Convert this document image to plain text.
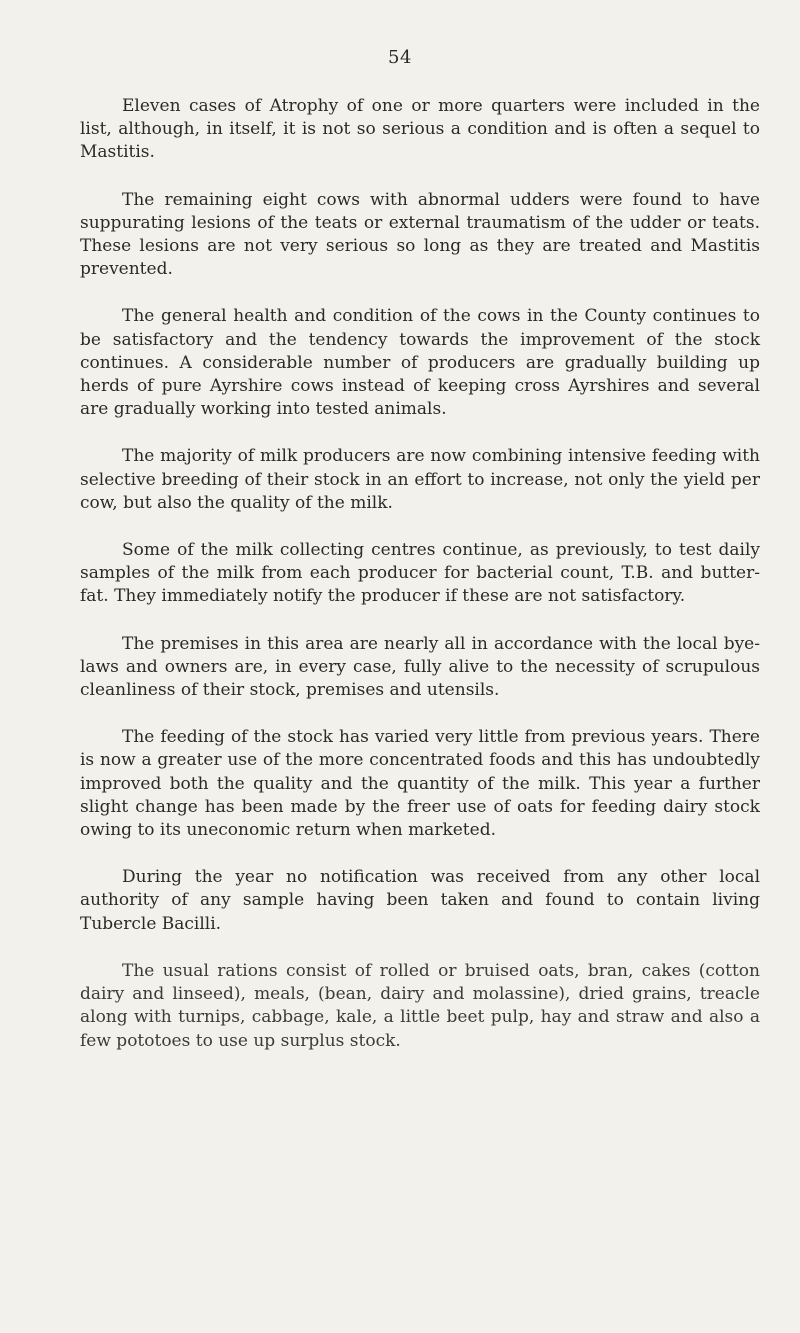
54

Eleven cases of Atrophy of one or more quarters were included in the list, although, in itself, it is not so serious a condition and is often a sequel to Mastitis.

The remaining eight cows with abnormal udders were found to have suppurating lesions of the teats or external traumatism of the udder or teats. These lesions are not very serious so long as they are treated and Mastitis prevented.

The general health and condition of the cows in the County continues to be satisfactory and the tendency towards the improvement of the stock continues. A considerable number of producers are gradually building up herds of pure Ayrshire cows instead of keeping cross Ayrshires and several are gradually working into tested animals.

The majority of milk producers are now combining intensive feeding with selective breeding of their stock in an effort to increase, not only the yield per cow, but also the quality of the milk.

Some of the milk collecting centres continue, as previously, to test daily samples of the milk from each producer for bacterial count, T.B. and butter-fat. They immediately notify the producer if these are not satisfactory.

The premises in this area are nearly all in accordance with the local bye-laws and owners are, in every case, fully alive to the necessity of scrupulous cleanliness of their stock, premises and utensils.

The feeding of the stock has varied very little from previous years. There is now a greater use of the more concentrated foods and this has undoubtedly improved both the quality and the quantity of the milk. This year a further slight change has been made by the freer use of oats for feeding dairy stock owing to its uneconomic return when marketed.

During the year no notification was received from any other local authority of any sample having been taken and found to contain living Tubercle Bacilli.

The usual rations consist of rolled or bruised oats, bran, cakes (cotton dairy and linseed), meals, (bean, dairy and molassine), dried grains, treacle along with turnips, cabbage, kale, a little beet pulp, hay and straw and also a few pototoes to use up surplus stock.
